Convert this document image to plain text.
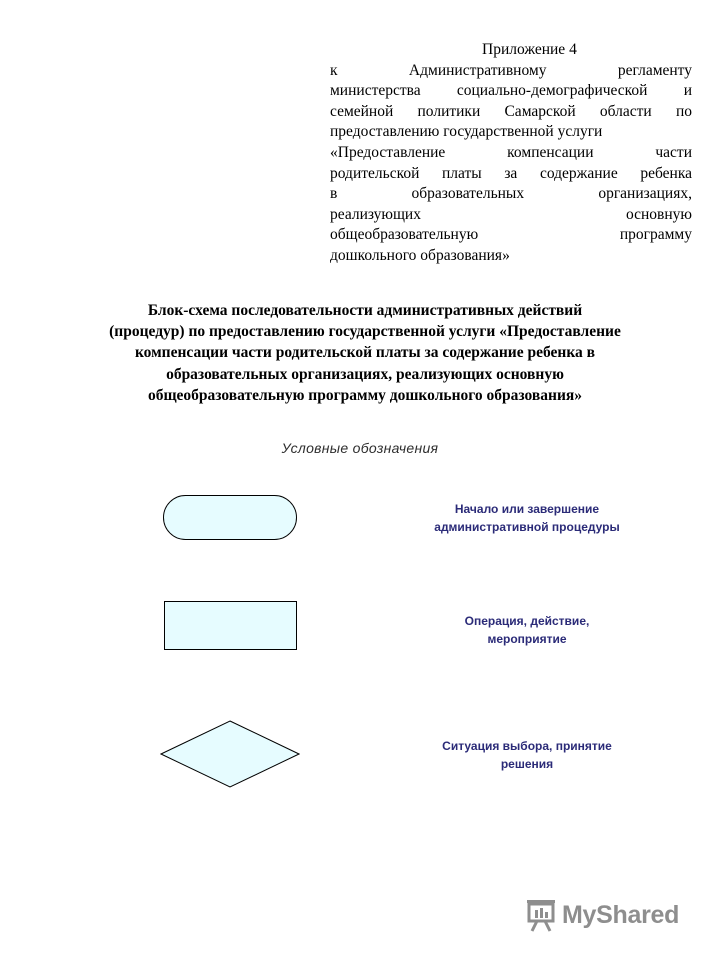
Приложение 4
к Административному регламенту
министерства социально-демографической и
семейной политики Самарской области по
предоставлению государственной услуги
«Предоставление компенсации части
родительской платы за содержание ребенка
в образовательных организациях,
реализующих основную
общеобразовательную программу
дошкольного образования»
Блок-схема последовательности административных действий
(процедур) по предоставлению государственной услуги «Предоставление
компенсации части родительской платы за содержание ребенка в
образовательных организациях, реализующих основную
общеобразовательную программу дошкольного образования»
Условные обозначения
Начало или завершение
административной процедуры
Операция, действие,
мероприятие
Ситуация выбора, принятие
решения
MyShared
